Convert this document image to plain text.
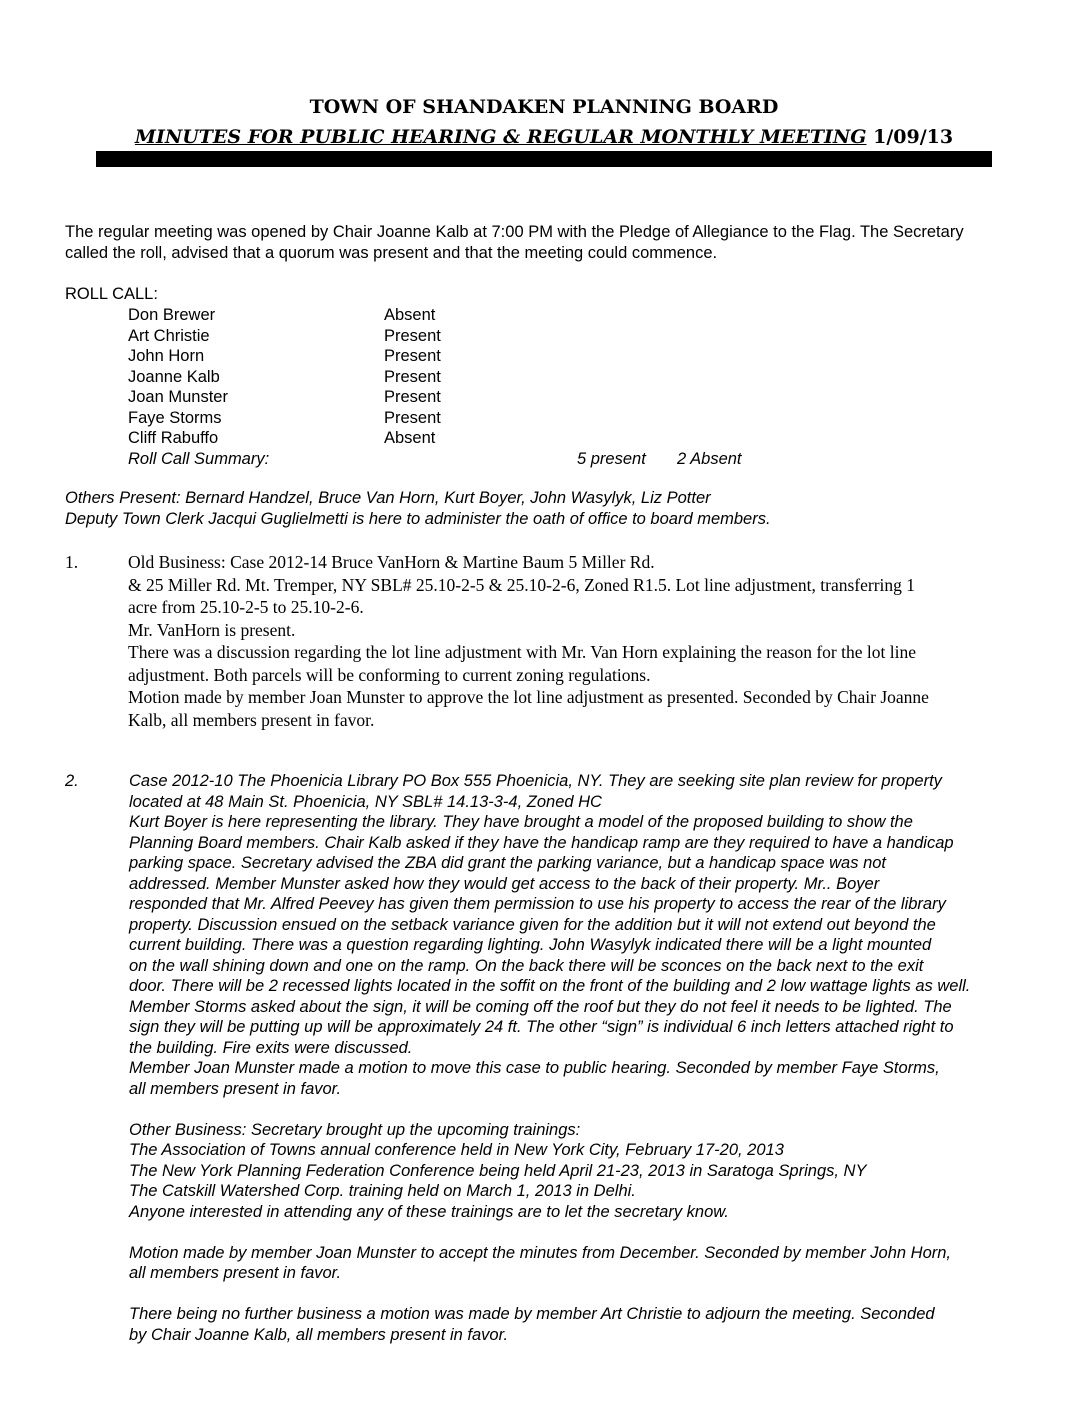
TOWN OF SHANDAKEN PLANNING BOARD
MINUTES FOR PUBLIC HEARING & REGULAR MONTHLY MEETING 1/09/13
The regular meeting was opened by Chair Joanne Kalb at 7:00 PM with the Pledge of Allegiance to the Flag. The Secretary
called the roll, advised that a quorum was present and that the meeting could commence.
ROLL CALL:
Don Brewer	Absent
Art Christie	Present
John Horn	Present
Joanne Kalb	Present
Joan Munster	Present
Faye Storms	Present
Cliff Rabuffo	Absent
Roll Call Summary:	5 present 2 Absent
Others Present: Bernard Handzel, Bruce Van Horn, Kurt Boyer, John Wasylyk, Liz Potter
Deputy Town Clerk Jacqui Guglielmetti is here to administer the oath of office to board members.
1.	Old Business: Case 2012-14 Bruce VanHorn & Martine Baum 5 Miller Rd.
& 25 Miller Rd. Mt. Tremper, NY SBL# 25.10-2-5 & 25.10-2-6, Zoned R1.5. Lot line adjustment, transferring 1
acre from 25.10-2-5 to 25.10-2-6.
Mr. VanHorn is present.
There was a discussion regarding the lot line adjustment with Mr. Van Horn explaining the reason for the lot line
adjustment. Both parcels will be conforming to current zoning regulations.
Motion made by member Joan Munster to approve the lot line adjustment as presented. Seconded by Chair Joanne
Kalb, all members present in favor.
2.	Case 2012-10 The Phoenicia Library PO Box 555 Phoenicia, NY. They are seeking site plan review for property
located at 48 Main St. Phoenicia, NY SBL# 14.13-3-4, Zoned HC
Kurt Boyer is here representing the library. They have brought a model of the proposed building to show the
Planning Board members. Chair Kalb asked if they have the handicap ramp are they required to have a handicap
parking space. Secretary advised the ZBA did grant the parking variance, but a handicap space was not
addressed. Member Munster asked how they would get access to the back of their property. Mr.. Boyer
responded that Mr. Alfred Peevey has given them permission to use his property to access the rear of the library
property. Discussion ensued on the setback variance given for the addition but it will not extend out beyond the
current building. There was a question regarding lighting. John Wasylyk indicated there will be a light mounted
on the wall shining down and one on the ramp. On the back there will be sconces on the back next to the exit
door. There will be 2 recessed lights located in the soffit on the front of the building and 2 low wattage lights as well.
Member Storms asked about the sign, it will be coming off the roof but they do not feel it needs to be lighted. The
sign they will be putting up will be approximately 24 ft. The other “sign” is individual 6 inch letters attached right to
the building. Fire exits were discussed.
Member Joan Munster made a motion to move this case to public hearing. Seconded by member Faye Storms,
all members present in favor.
Other Business: Secretary brought up the upcoming trainings:
The Association of Towns annual conference held in New York City, February 17-20, 2013
The New York Planning Federation Conference being held April 21-23, 2013 in Saratoga Springs, NY
The Catskill Watershed Corp. training held on March 1, 2013 in Delhi.
Anyone interested in attending any of these trainings are to let the secretary know.
Motion made by member Joan Munster to accept the minutes from December. Seconded by member John Horn,
all members present in favor.
There being no further business a motion was made by member Art Christie to adjourn the meeting. Seconded
by Chair Joanne Kalb, all members present in favor.
